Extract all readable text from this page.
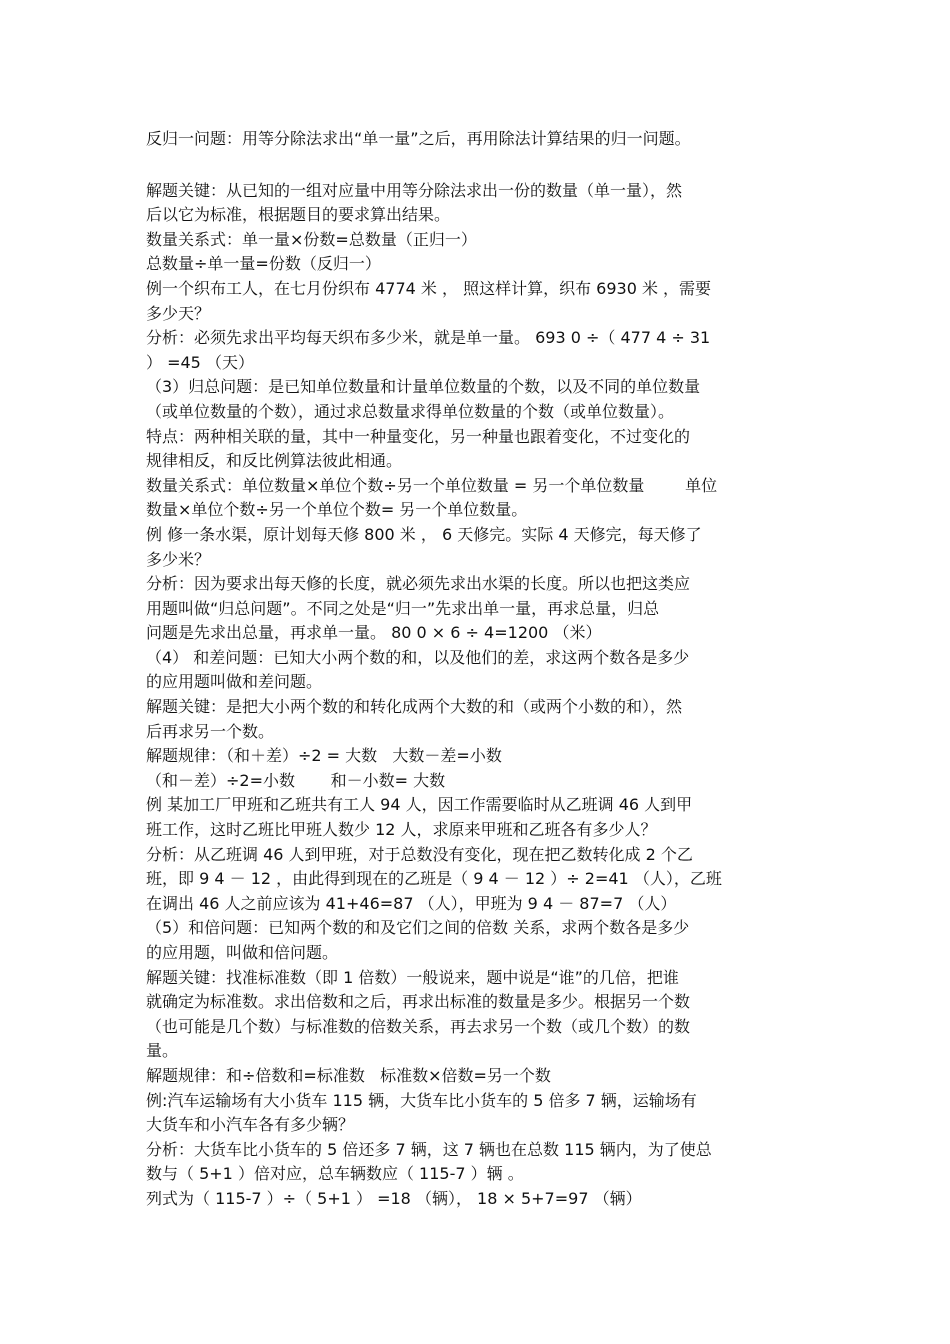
反归一问题：用等分除法求出“单一量”之后，再用除法计算结果的归一问题。
解题关键：从已知的一组对应量中用等分除法求出一份的数量（单一量），然
后以它为标准，根据题目的要求算出结果。
数量关系式：单一量×份数=总数量（正归一）
总数量÷单一量=份数（反归一）
例一个织布工人，在七月份织布 4774 米 ， 照这样计算，织布 6930 米 ，需要
多少天？
分析：必须先求出平均每天织布多少米，就是单一量。 693 0 ÷（ 477 4 ÷ 31
） =45 （天）
（3）归总问题：是已知单位数量和计量单位数量的个数，以及不同的单位数量
（或单位数量的个数），通过求总数量求得单位数量的个数（或单位数量）。
特点：两种相关联的量，其中一种量变化，另一种量也跟着变化，不过变化的
规律相反，和反比例算法彼此相通。
数量关系式：单位数量×单位个数÷另一个单位数量 = 另一个单位数量        单位
数量×单位个数÷另一个单位个数= 另一个单位数量。
例 修一条水渠，原计划每天修 800 米 ， 6 天修完。实际 4 天修完，每天修了
多少米？
分析：因为要求出每天修的长度，就必须先求出水渠的长度。所以也把这类应
用题叫做“归总问题”。不同之处是“归一”先求出单一量，再求总量，归总
问题是先求出总量，再求单一量。 80 0 × 6 ÷ 4=1200 （米）
（4） 和差问题：已知大小两个数的和，以及他们的差，求这两个数各是多少
的应用题叫做和差问题。
解题关键：是把大小两个数的和转化成两个大数的和（或两个小数的和），然
后再求另一个数。
解题规律：（和＋差）÷2 = 大数   大数－差=小数
（和－差）÷2=小数       和－小数= 大数
例 某加工厂甲班和乙班共有工人 94 人，因工作需要临时从乙班调 46 人到甲
班工作，这时乙班比甲班人数少 12 人，求原来甲班和乙班各有多少人？
分析：从乙班调 46 人到甲班，对于总数没有变化，现在把乙数转化成 2 个乙
班，即 9 4 － 12 ，由此得到现在的乙班是（ 9 4 － 12 ）÷ 2=41 （人），乙班
在调出 46 人之前应该为 41+46=87 （人），甲班为 9 4 － 87=7 （人）
（5）和倍问题：已知两个数的和及它们之间的倍数 关系，求两个数各是多少
的应用题，叫做和倍问题。
解题关键：找准标准数（即 1 倍数）一般说来，题中说是“谁”的几倍，把谁
就确定为标准数。求出倍数和之后，再求出标准的数量是多少。根据另一个数
（也可能是几个数）与标准数的倍数关系，再去求另一个数（或几个数）的数
量。
解题规律：和÷倍数和=标准数   标准数×倍数=另一个数
例:汽车运输场有大小货车 115 辆，大货车比小货车的 5 倍多 7 辆，运输场有
大货车和小汽车各有多少辆？
分析：大货车比小货车的 5 倍还多 7 辆，这 7 辆也在总数 115 辆内，为了使总
数与（ 5+1 ）倍对应，总车辆数应（ 115-7 ）辆 。
列式为（ 115-7 ）÷（ 5+1 ） =18 （辆）， 18 × 5+7=97 （辆）
